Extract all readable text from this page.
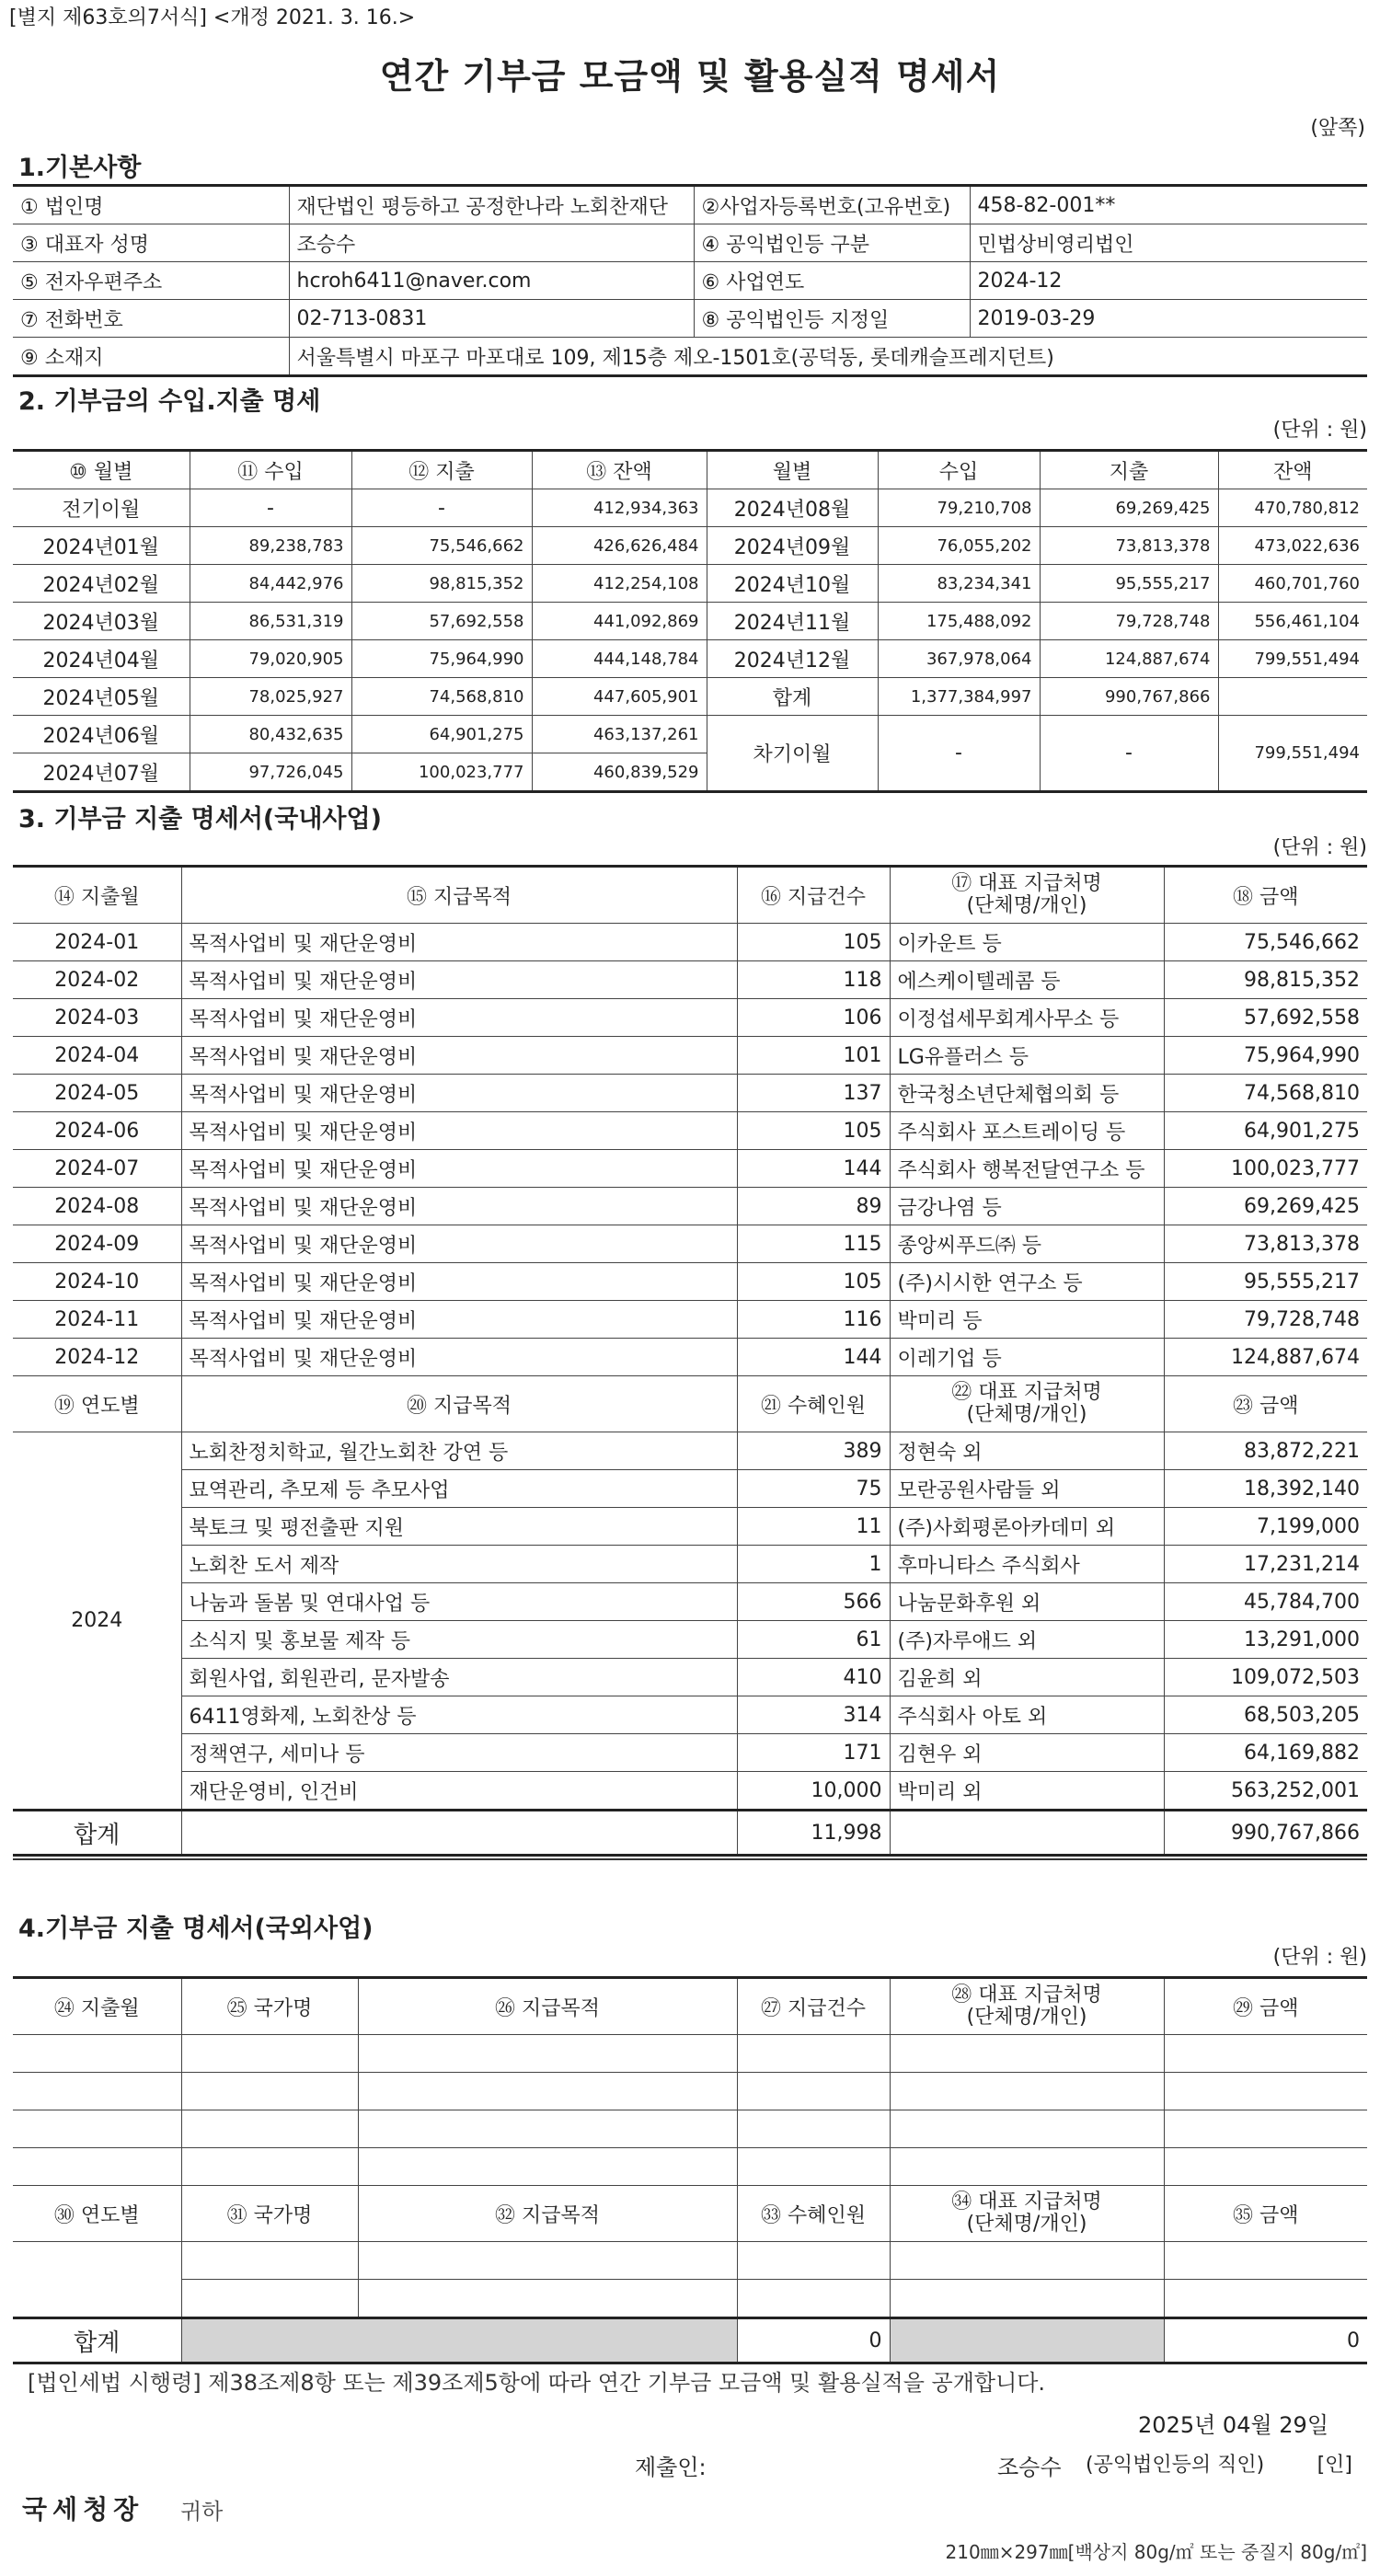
[별지 제63호의7서식] <개정 2021. 3. 16.>
연간 기부금 모금액 및 활용실적 명세서
(앞쪽)
1.기본사항
① 법인명	재단법인 평등하고 공정한나라 노회찬재단	②사업자등록번호(고유번호)	458-82-001**
③ 대표자 성명	조승수	④ 공익법인등 구분	민법상비영리법인
⑤ 전자우편주소	hcroh6411@naver.com	⑥ 사업연도	2024-12
⑦ 전화번호	02-713-0831	⑧ 공익법인등 지정일	2019-03-29
⑨ 소재지	서울특별시 마포구 마포대로 109, 제15층 제오-1501호(공덕동, 롯데캐슬프레지던트)		
2. 기부금의 수입.지출 명세
(단위 : 원)
⑩ 월별	⑪ 수입	⑫ 지출	⑬ 잔액	월별	수입	지출	잔액
전기이월	-	-	412,934,363	2024년08월	79,210,708	69,269,425	470,780,812
2024년01월	89,238,783	75,546,662	426,626,484	2024년09월	76,055,202	73,813,378	473,022,636
2024년02월	84,442,976	98,815,352	412,254,108	2024년10월	83,234,341	95,555,217	460,701,760
2024년03월	86,531,319	57,692,558	441,092,869	2024년11월	175,488,092	79,728,748	556,461,104
2024년04월	79,020,905	75,964,990	444,148,784	2024년12월	367,978,064	124,887,674	799,551,494
2024년05월	78,025,927	74,568,810	447,605,901	합계	1,377,384,997	990,767,866	
2024년06월	80,432,635	64,901,275	463,137,261	차기이월	-	-	799,551,494
2024년07월	97,726,045	100,023,777	460,839,529				
3. 기부금 지출 명세서(국내사업)
(단위 : 원)
⑭ 지출월	⑮ 지급목적	⑯ 지급건수	⑰ 대표 지급처명
(단체명/개인)	⑱ 금액
2024-01	목적사업비 및 재단운영비	105	이카운트 등	75,546,662
2024-02	목적사업비 및 재단운영비	118	에스케이텔레콤 등	98,815,352
2024-03	목적사업비 및 재단운영비	106	이정섭세무회계사무소 등	57,692,558
2024-04	목적사업비 및 재단운영비	101	LG유플러스 등	75,964,990
2024-05	목적사업비 및 재단운영비	137	한국청소년단체협의회 등	74,568,810
2024-06	목적사업비 및 재단운영비	105	주식회사 포스트레이딩 등	64,901,275
2024-07	목적사업비 및 재단운영비	144	주식회사 행복전달연구소 등	100,023,777
2024-08	목적사업비 및 재단운영비	89	금강나염 등	69,269,425
2024-09	목적사업비 및 재단운영비	115	종앙씨푸드㈜ 등	73,813,378
2024-10	목적사업비 및 재단운영비	105	(주)시시한 연구소 등	95,555,217
2024-11	목적사업비 및 재단운영비	116	박미리 등	79,728,748
2024-12	목적사업비 및 재단운영비	144	이레기업 등	124,887,674
⑲ 연도별	⑳ 지급목적	㉑ 수혜인원	㉒ 대표 지급처명
(단체명/개인)	㉓ 금액
2024	노회찬정치학교, 월간노회찬 강연 등	389	정현숙 외	83,872,221
	묘역관리, 추모제 등 추모사업	75	모란공원사람들 외	18,392,140
	북토크 및 평전출판 지원	11	(주)사회평론아카데미 외	7,199,000
	노회찬 도서 제작	1	후마니타스 주식회사	17,231,214
	나눔과 돌봄 및 연대사업 등	566	나눔문화후원 외	45,784,700
	소식지 및 홍보물 제작 등	61	(주)자루애드 외	13,291,000
	회원사업, 회원관리, 문자발송	410	김윤희 외	109,072,503
	6411영화제, 노회찬상 등	314	주식회사 아토 외	68,503,205
	정책연구, 세미나 등	171	김현우 외	64,169,882
	재단운영비, 인건비	10,000	박미리 외	563,252,001
합계		11,998		990,767,866
4.기부금 지출 명세서(국외사업)
(단위 : 원)
㉔ 지출월	㉕ 국가명	㉖ 지급목적	㉗ 지급건수	㉘ 대표 지급처명
(단체명/개인)	㉙ 금액

㉚ 연도별	㉛ 국가명	㉜ 지급목적	㉝ 수혜인원	㉞ 대표 지급처명
(단체명/개인)	㉟ 금액

합계			0		0
[법인세법 시행령] 제38조제8항 또는 제39조제5항에 따라 연간 기부금 모금액 및 활용실적을 공개합니다.
2025년 04월 29일
제출인:	조승수 (공익법인등의 직인)	[인]
국세청장 귀하
210㎜×297㎜[백상지 80g/㎡ 또는 중질지 80g/㎡]
